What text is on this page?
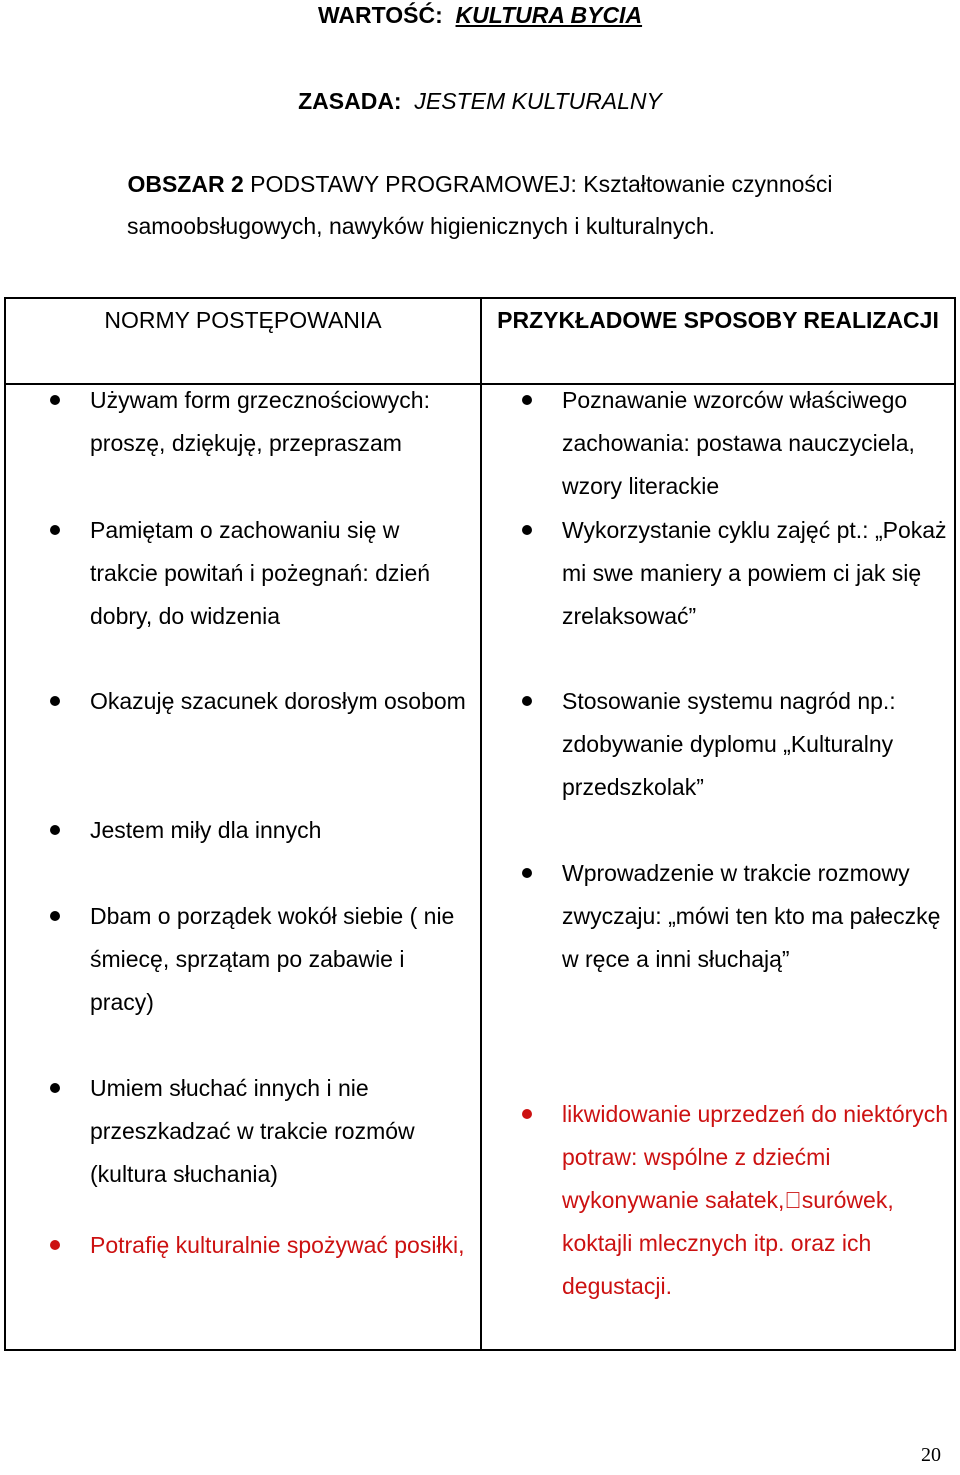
WARTOŚĆ: KULTURA BYCIA
ZASADA: JESTEM KULTURALNY
OBSZAR 2 PODSTAWY PROGRAMOWEJ: Kształtowanie czynności
samoobsługowych, nawyków higienicznych i kulturalnych.
NORMY POSTĘPOWANIA	PRZYKŁADOWE SPOSOBY REALIZACJI
Używam form grzecznościowych: proszę, dziękuję, przepraszam
Pamiętam o zachowaniu się w trakcie powitań i pożegnań: dzień dobry, do widzenia
Okazuję szacunek dorosłym osobom
Jestem miły dla innych
Dbam o porządek wokół siebie ( nie śmiecę, sprzątam po zabawie i pracy)
Umiem słuchać innych i nie przeszkadzać w trakcie rozmów (kultura słuchania)
Potrafię kulturalnie spożywać posiłki,
Poznawanie wzorców właściwego zachowania: postawa nauczyciela, wzory literackie
Wykorzystanie cyklu zajęć pt.: „Pokaż mi swe maniery a powiem ci jak się zrelaksować”
Stosowanie systemu nagród np.: zdobywanie dyplomu „Kulturalny przedszkolak”
Wprowadzenie w trakcie rozmowy zwyczaju: „mówi ten kto ma pałeczkę w ręce a inni słuchają”
likwidowanie uprzedzeń do niektórych potraw: wspólne z dziećmi wykonywanie sałatek, surówek, koktajli mlecznych itp. oraz ich degustacji.
20
